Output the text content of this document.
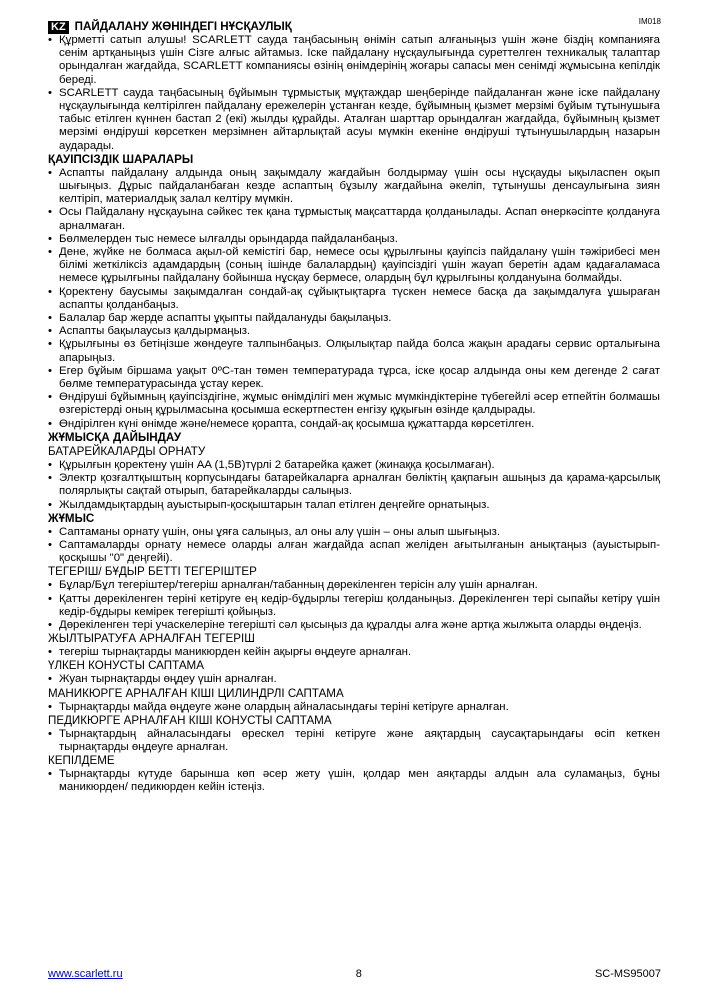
IM018
KZ ПАЙДАЛАНУ ЖӨНІНДЕГІ НҰСҚАУЛЫҚ
• Құрметті сатып алушы! SCARLETT сауда таңбасының өнімін сатып алғаныңыз үшін және біздің компанияға сенім артқаныңыз үшін Сізге алғыс айтамыз. Іске пайдалану нұсқаулығында суреттелген техникалық талаптар орындалған жағдайда, SCARLETT компаниясы өзінің өнімдерінің жоғары сапасы мен сенімді жұмысына кепілдік береді.
• SCARLETT сауда таңбасының бұйымын тұрмыстық мұқтаждар шеңберінде пайдаланған және іске пайдалану нұсқаулығында келтірілген пайдалану ережелерін ұстанған кезде, бұйымның қызмет мерзімі бұйым тұтынушыға табыс етілген күннен бастап 2 (екі) жылды құрайды. Аталған шарттар орындалған жағдайда, бұйымның қызмет мерзімі өндіруші көрсеткен мерзімнен айтарлықтай асуы мүмкін екеніне өндіруші тұтынушылардың назарын аударады.
ҚАУІПСІЗДІК ШАРАЛАРЫ
• Аспапты пайдалану алдында оның зақымдалу жағдайын болдырмау үшін осы нұсқауды ықыласпен оқып шығыңыз. Дұрыс пайдаланбаған кезде аспаптың бұзылу жағдайына әкеліп, тұтынушы денсаулығына зиян келтіріп, материалдық залал келтіру мүмкін.
• Осы Пайдалану нұсқауына сәйкес тек қана тұрмыстық мақсаттарда қолданылады. Аспап өнеркәсіпте қолдануға арналмаған.
• Бөлмелерден тыс немесе ылғалды орындарда пайдаланбаңыз.
• Дене, жүйке не болмаса ақыл-ой кемістігі бар, немесе осы құрылғыны қауіпсіз пайдалану үшін тәжірибесі мен білімі жеткіліксіз адамдардың (соның ішінде балалардың) қауіпсіздігі үшін жауап беретін адам қадағаламаса немесе құрылғыны пайдалану бойынша нұсқау бермесе, олардың бұл құрылғыны қолдануына болмайды.
• Қоректену баусымы зақымдалған сондай-ақ сұйықтықтарға түскен немесе басқа да зақымдалуға ұшыраған аспапты қолданбаңыз.
• Балалар бар жерде аспапты ұқыпты пайдалануды бақылаңыз.
• Аспапты бақылаусыз қалдырмаңыз.
• Құрылғыны өз бетіңізше жөндеуге талпынбаңыз. Олқылықтар пайда болса жақын арадағы сервис орталығына апарыңыз.
• Егер бұйым біршама уақыт 0ºС-тан төмен температурада тұрса, іске қосар алдында оны кем дегенде 2 сағат бөлме температурасында ұстау керек.
• Өндіруші бұйымның қауіпсіздігіне, жұмыс өнімділігі мен жұмыс мүмкіндіктеріне түбегейлі әсер етпейтін болмашы өзгерістерді оның құрылмасына қосымша ескертпестен енгізу құқығын өзінде қалдырады.
• Өндірілген күні өнімде және/немесе қорапта, сондай-ақ қосымша құжаттарда көрсетілген.
ЖҰМЫСҚА ДАЙЫНДАУ
БАТАРЕЙКАЛАРДЫ ОРНАТУ
• Құрылғын қоректену үшін AA (1,5B)түрлі 2 батарейка қажет (жинаққа қосылмаған).
• Электр қозғалтқыштың корпусындағы батарейкаларға арналған бөліктің қақпағын ашыңыз да қарама-қарсылық полярлықты сақтай отырып, батарейкаларды салыңыз.
• Жылдамдықтардың ауыстырып-қосқыштарын талап етілген деңгейге орнатыңыз.
ЖҰМЫС
• Саптаманы орнату үшін, оны ұяға салыңыз, ал оны алу үшін – оны алып шығыңыз.
• Саптамаларды орнату немесе оларды алған жағдайда аспап желіден ағытылғанын анықтаңыз (ауыстырып-қосқышы "0" деңгейі).
ТЕГЕРІШ/ БҰДЫР БЕТТІ ТЕГЕРІШТЕР
• Бұлар/Бұл тегерiштер/тегерiш арналған/табанның дөрекiленген терiсiн алу үшін арналған.
• Қатты дөрекiленген терiнi кетiруге ең кедiр-бұдырлы тегерiш қолданыңыз. Дөрекiленген терi сыпайы кетiру үшін кедiр-бұдыры кемiрек тегерiштi қойыңыз.
• Дөрекiленген терi учаскелерiне тегерiштi сәл қысыңыз да құралды алға және артқа жылжыта оларды өңдеңiз.
ЖЫЛТЫРАТУҒА АРНАЛҒАН ТЕГЕРІШ
• тегерiш тырнақтарды маникюрден кейiн ақырғы өңдеуге арналған.
ҮЛКЕН КОНУСТЫ САПТАМА
• Жуан тырнақтарды өңдеу үшін арналған.
МАНИКЮРГЕ АРНАЛҒАН КІШІ ЦИЛИНДРЛІ САПТАМА
• Тырнақтарды майда өңдеуге және олардың айналасындағы терiнi кетiруге арналған.
ПЕДИКЮРГЕ АРНАЛҒАН КІШІ КОНУСТЫ САПТАМА
• Тырнақтардың айналасындағы өрескел терiнi кетiруге және аяқтардың саусақтарындағы өсiп кеткен тырнақтарды өңдеуге арналған.
КЕПІЛДЕМЕ
• Тырнақтарды күтуде барынша көп әсер жету үшін, қолдар мен аяқтарды алдын ала суламаңыз, бұны маникюрден/ педикюрден кейiн iстеңiз.
www.scarlett.ru	8	SC-MS95007
